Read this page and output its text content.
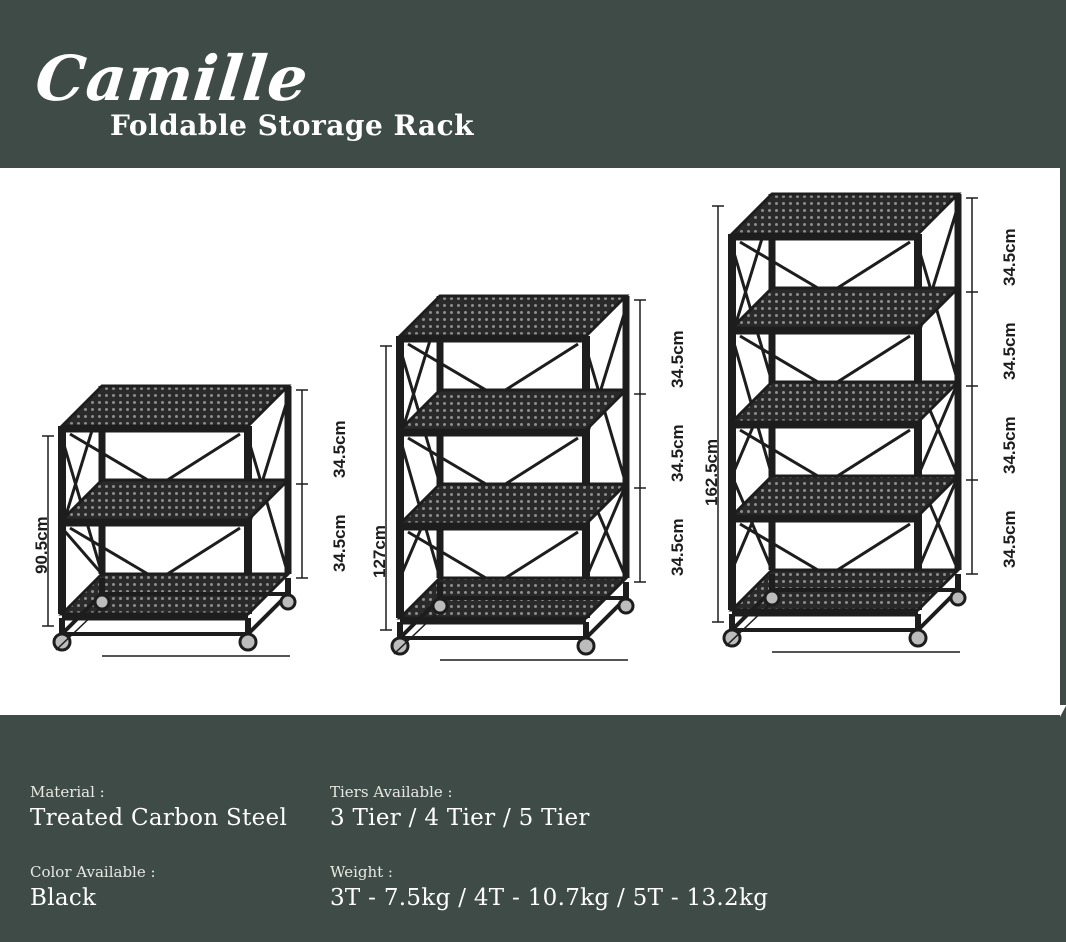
Camille
Foldable Storage Rack
90.5cm
34.5cm
34.5cm 127cm
34.5cm
34.5cm
34.5cm
162.5cm
34.5cm
34.5cm
34.5cm
34.5cm
Material :
Treated Carbon Steel
Color Available :
Black
Tiers Available :
3 Tier / 4 Tier / 5 Tier
Weight :
3T - 7.5kg / 4T - 10.7kg / 5T - 13.2kg
